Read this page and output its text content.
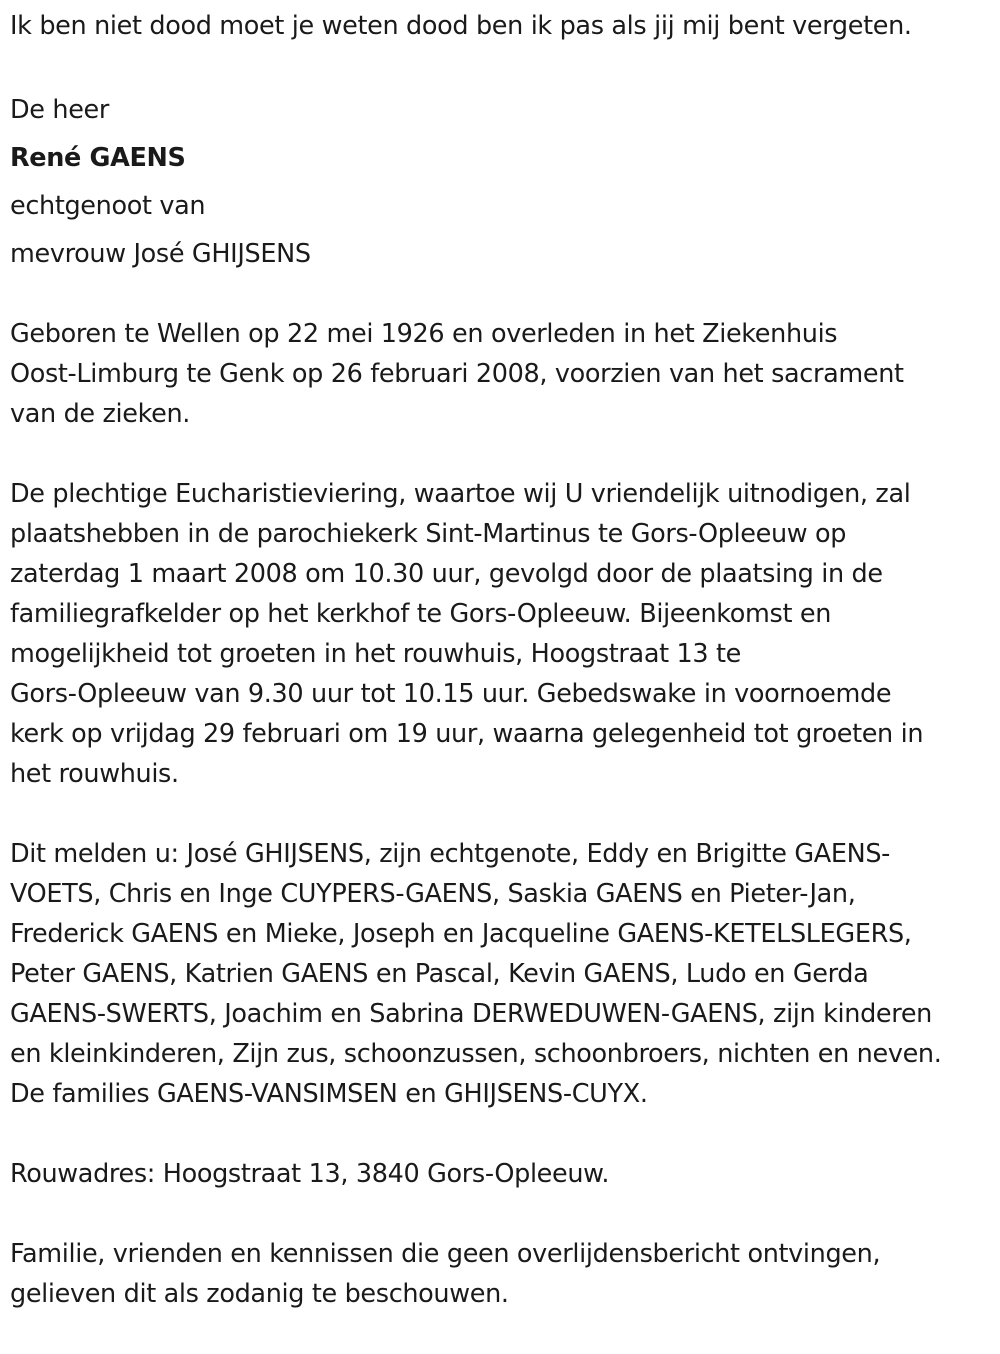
Ik ben niet dood moet je weten dood ben ik pas als jij mij bent vergeten.
De heer
René GAENS
echtgenoot van
mevrouw José GHIJSENS
Geboren te Wellen op 22 mei 1926 en overleden in het Ziekenhuis
Oost-Limburg te Genk op 26 februari 2008, voorzien van het sacrament
van de zieken.
De plechtige Eucharistieviering, waartoe wij U vriendelijk uitnodigen, zal
plaatshebben in de parochiekerk Sint-Martinus te Gors-Opleeuw op
zaterdag 1 maart 2008 om 10.30 uur, gevolgd door de plaatsing in de
familiegrafkelder op het kerkhof te Gors-Opleeuw. Bijeenkomst en
mogelijkheid tot groeten in het rouwhuis, Hoogstraat 13 te
Gors-Opleeuw van 9.30 uur tot 10.15 uur. Gebedswake in voornoemde
kerk op vrijdag 29 februari om 19 uur, waarna gelegenheid tot groeten in
het rouwhuis.
Dit melden u: José GHIJSENS, zijn echtgenote, Eddy en Brigitte GAENS-
VOETS, Chris en Inge CUYPERS-GAENS, Saskia GAENS en Pieter-Jan,
Frederick GAENS en Mieke, Joseph en Jacqueline GAENS-KETELSLEGERS,
Peter GAENS, Katrien GAENS en Pascal, Kevin GAENS, Ludo en Gerda
GAENS-SWERTS, Joachim en Sabrina DERWEDUWEN-GAENS, zijn kinderen
en kleinkinderen, Zijn zus, schoonzussen, schoonbroers, nichten en neven.
De families GAENS-VANSIMSEN en GHIJSENS-CUYX.
Rouwadres: Hoogstraat 13, 3840 Gors-Opleeuw.
Familie, vrienden en kennissen die geen overlijdensbericht ontvingen,
gelieven dit als zodanig te beschouwen.
